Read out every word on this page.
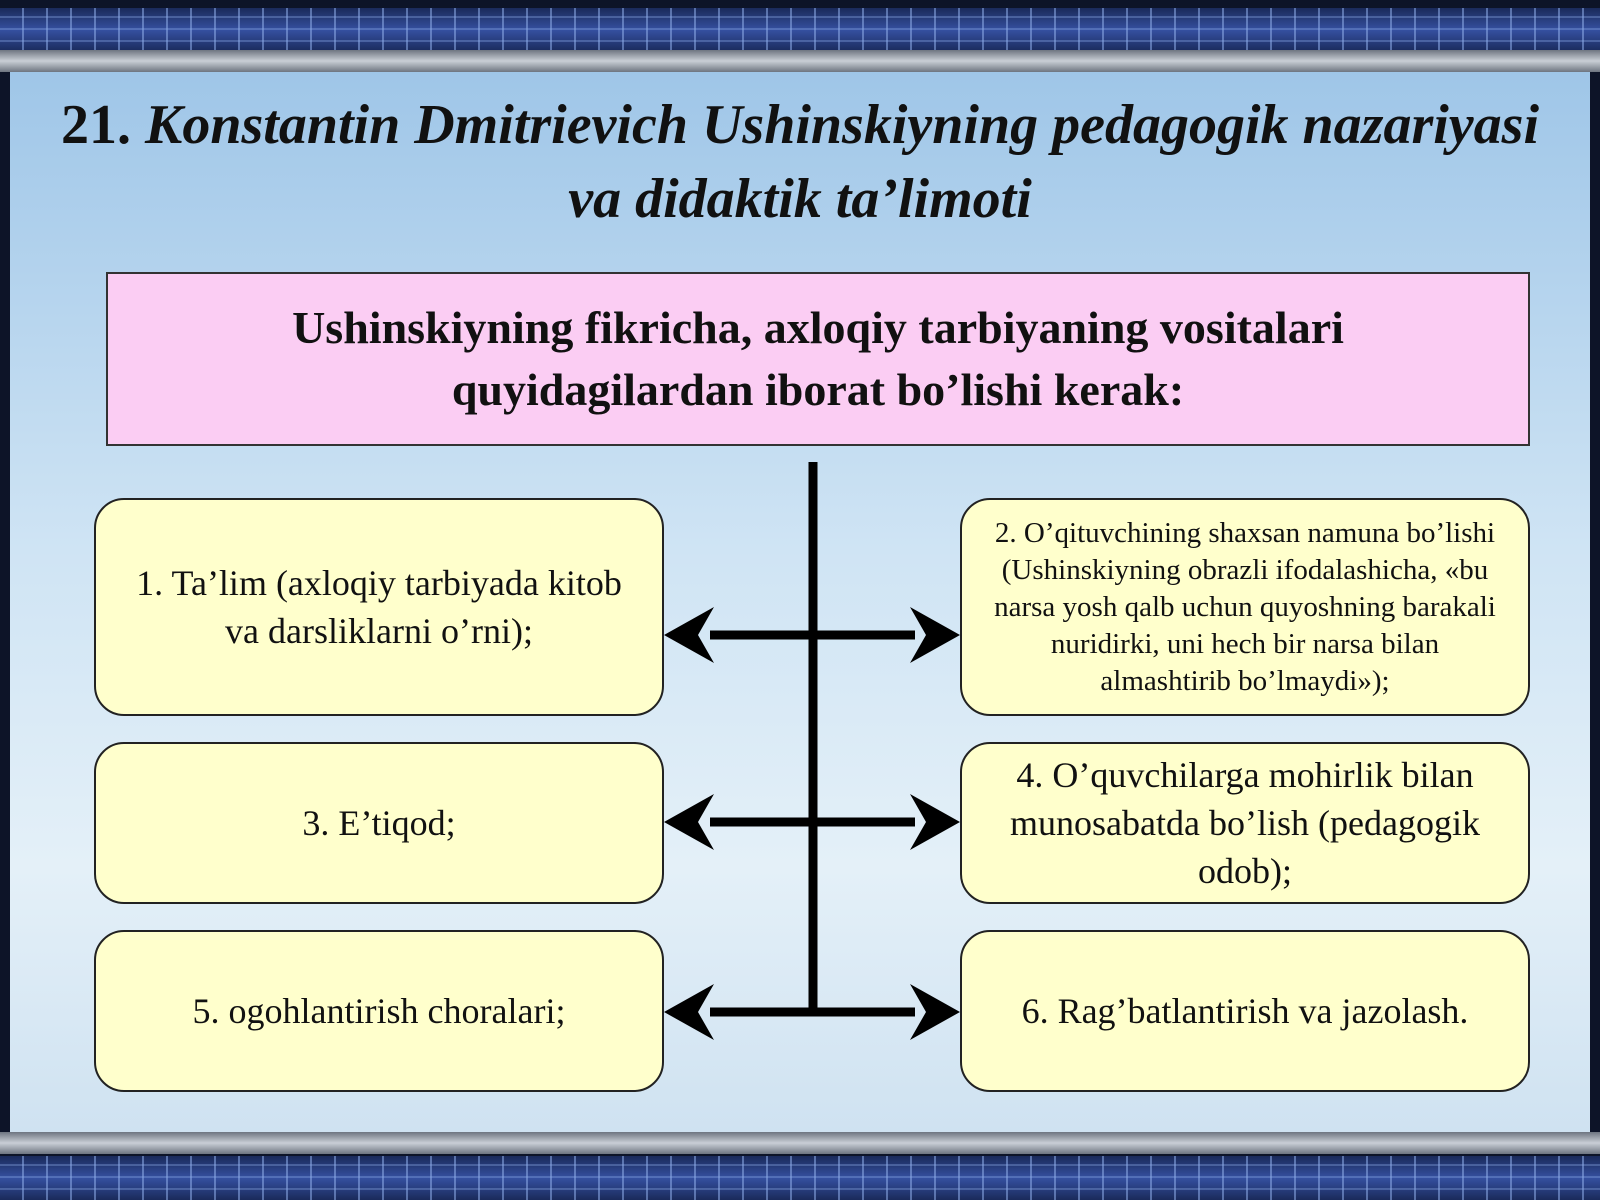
21. Konstantin Dmitrievich Ushinskiyning pedagogik nazariyasi va didaktik ta’limoti
Ushinskiyning fikricha, axloqiy tarbiyaning vositalari quyidagilardan iborat bo’lishi kerak:
1. Ta’lim (axloqiy tarbiyada kitob va darsliklarni o’rni);
2. O’qituvchining shaxsan namuna bo’lishi (Ushinskiyning obrazli ifodalashicha, «bu narsa yosh qalb uchun quyoshning barakali nuridirki, uni hech bir narsa bilan almashtirib bo’lmaydi»);
3. E’tiqod;
4. O’quvchilarga mohirlik bilan munosabatda bo’lish (pedagogik odob);
5. ogohlantirish choralari;	6. Rag’batlantirish va jazolash.
